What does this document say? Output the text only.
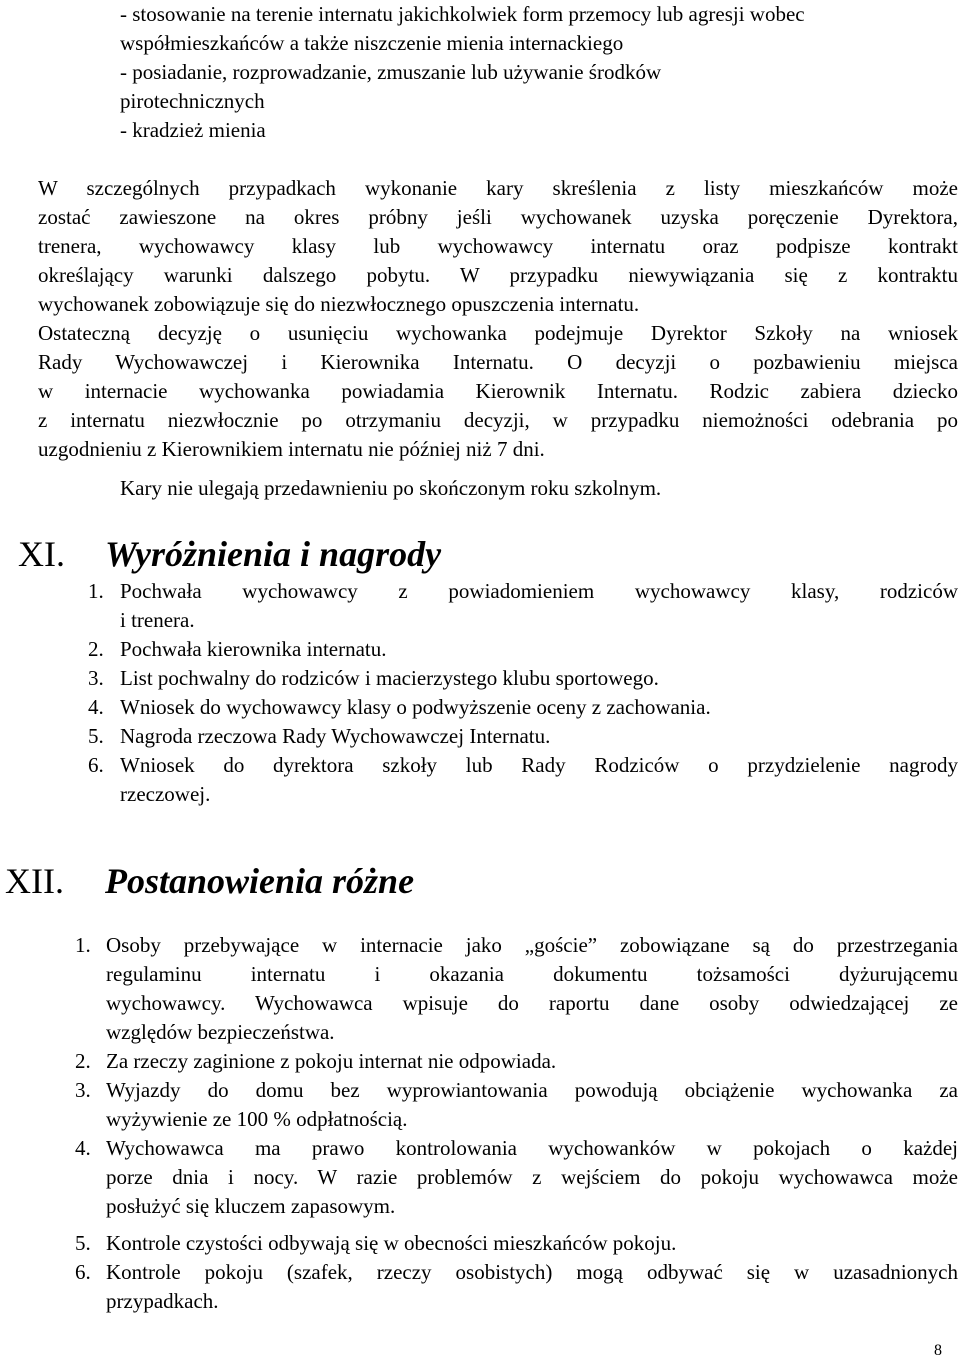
- stosowanie na terenie internatu jakichkolwiek form przemocy lub agresji wobec
współmieszkańców a także niszczenie mienia internackiego
- posiadanie, rozprowadzanie, zmuszanie lub używanie środków
pirotechnicznych
- kradzież mienia
W szczególnych przypadkach wykonanie kary skreślenia z listy mieszkańców może
zostać zawieszone na okres próbny jeśli wychowanek uzyska poręczenie Dyrektora,
trenera, wychowawcy klasy lub wychowawcy internatu oraz podpisze kontrakt
określający warunki dalszego pobytu. W przypadku niewywiązania się z kontraktu
wychowanek zobowiązuje się do niezwłocznego opuszczenia internatu.
Ostateczną decyzję o usunięciu wychowanka podejmuje Dyrektor Szkoły na wniosek
Rady Wychowawczej i Kierownika Internatu. O decyzji o pozbawieniu miejsca
w internacie wychowanka powiadamia Kierownik Internatu. Rodzic zabiera dziecko
z internatu niezwłocznie po otrzymaniu decyzji, w przypadku niemożności odebrania po
uzgodnieniu z Kierownikiem internatu nie później niż 7 dni.
Kary nie ulegają przedawnieniu po skończonym roku szkolnym.
XI. Wyróżnienia i nagrody
1. Pochwała wychowawcy z powiadomieniem wychowawcy klasy, rodziców
i trenera.
2. Pochwała kierownika internatu.
3. List pochwalny do rodziców i macierzystego klubu sportowego.
4. Wniosek do wychowawcy klasy o podwyższenie oceny z zachowania.
5. Nagroda rzeczowa Rady Wychowawczej Internatu.
6. Wniosek do dyrektora szkoły lub Rady Rodziców o przydzielenie nagrody
rzeczowej.
XII. Postanowienia różne
1. Osoby przebywające w internacie jako „goście” zobowiązane są do przestrzegania
regulaminu internatu i okazania dokumentu tożsamości dyżurującemu
wychowawcy. Wychowawca wpisuje do raportu dane osoby odwiedzającej ze
względów bezpieczeństwa.
2. Za rzeczy zaginione z pokoju internat nie odpowiada.
3. Wyjazdy do domu bez wyprowiantowania powodują obciążenie wychowanka za
wyżywienie ze 100 % odpłatnością.
4. Wychowawca ma prawo kontrolowania wychowanków w pokojach o każdej
porze dnia i nocy. W razie problemów z wejściem do pokoju wychowawca może
posłużyć się kluczem zapasowym.
5. Kontrole czystości odbywają się w obecności mieszkańców pokoju.
6. Kontrole pokoju (szafek, rzeczy osobistych) mogą odbywać się w uzasadnionych
przypadkach.
8
